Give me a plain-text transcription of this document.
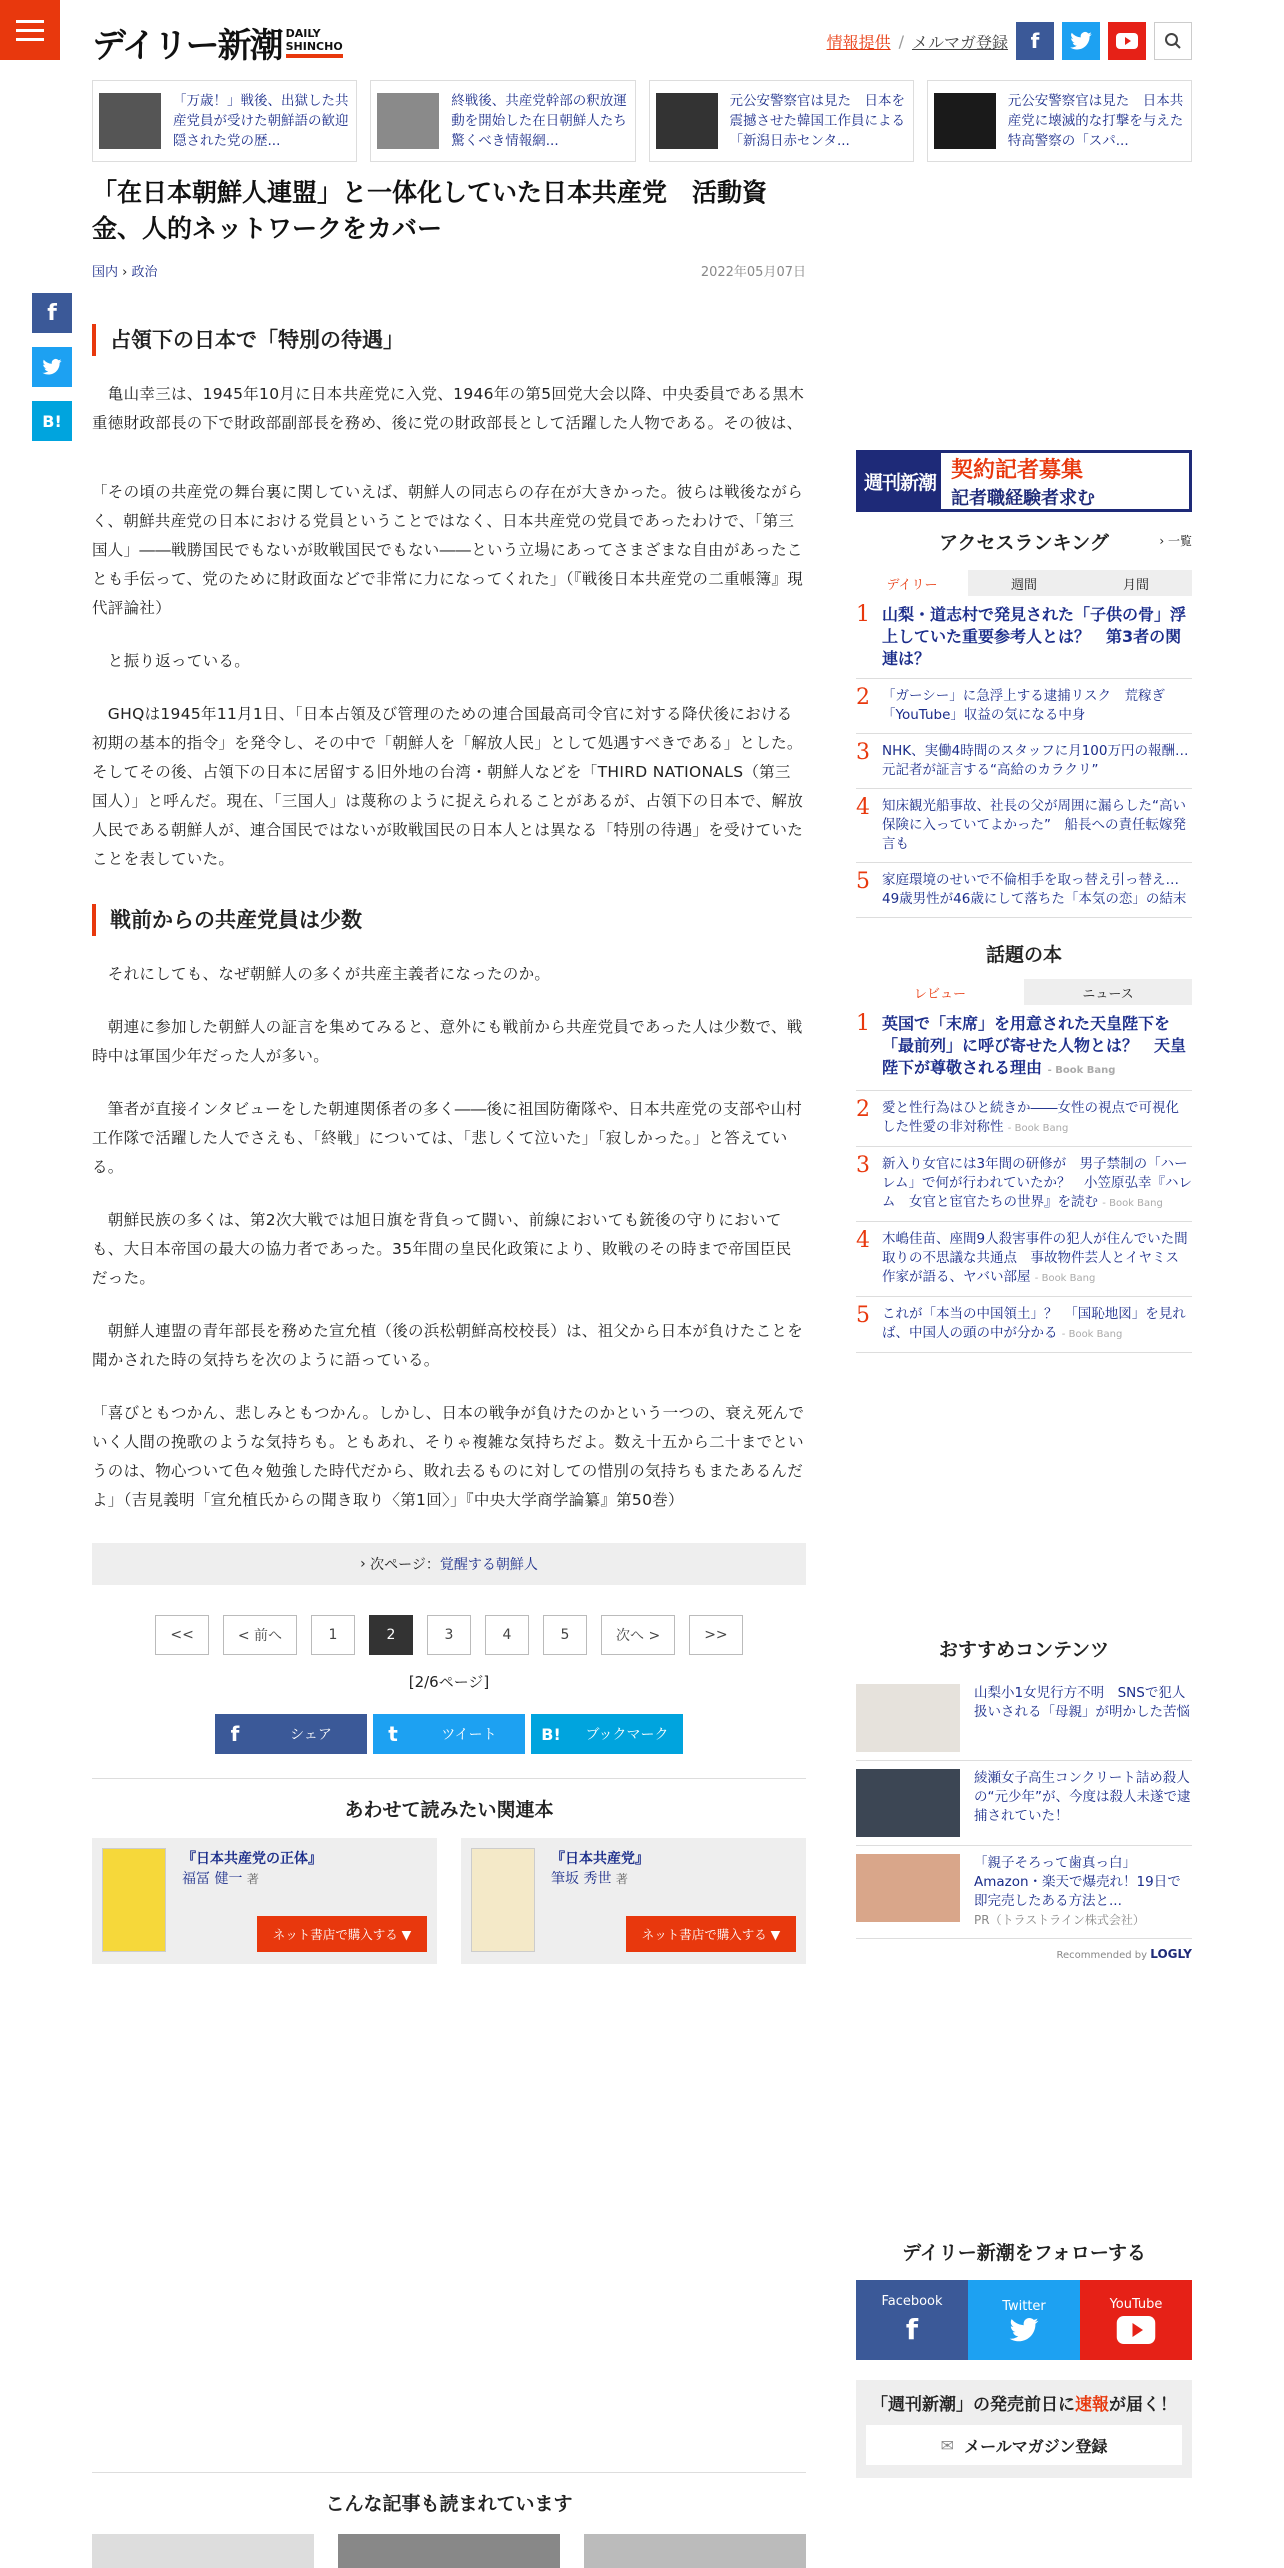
デイリー新潮 DAILY
SHINCHO	情報提供 / メルマガ登録	f
「万歳！」戦後、出獄した共産党員が受けた朝鮮語の歓迎　隠された党の歴...
終戦後、共産党幹部の釈放運動を開始した在日朝鮮人たち　驚くべき情報網...
元公安警察官は見た　日本を震撼させた韓国工作員による「新潟日赤センタ...
元公安警察官は見た　日本共産党に壊滅的な打撃を与えた特高警察の「スパ...
f
B!
「在日本朝鮮人連盟」と一体化していた日本共産党　活動資金、人的ネットワークをカバー
国内 › 政治	2022年05月07日
占領下の日本で「特別の待遇」

　亀山幸三は、1945年10月に日本共産党に入党、1946年の第5回党大会以降、中央委員である黒木重徳財政部長の下で財政部副部長を務め、後に党の財政部長として活躍した人物である。その彼は、

「その頃の共産党の舞台裏に関していえば、朝鮮人の同志らの存在が大きかった。彼らは戦後ながらく、朝鮮共産党の日本における党員ということではなく、日本共産党の党員であったわけで、「第三国人」――戦勝国民でもないが敗戦国民でもない――という立場にあってさまざまな自由があったことも手伝って、党のために財政面などで非常に力になってくれた」（『戦後日本共産党の二重帳簿』現代評論社）

　と振り返っている。

　GHQは1945年11月1日、「日本占領及び管理のための連合国最高司令官に対する降伏後における初期の基本的指令」を発令し、その中で「朝鮮人を「解放人民」として処遇すべきである」とした。そしてその後、占領下の日本に居留する旧外地の台湾・朝鮮人などを「THIRD NATIONALS（第三国人）」と呼んだ。現在、「三国人」は蔑称のように捉えられることがあるが、占領下の日本で、解放人民である朝鮮人が、連合国民ではないが敗戦国民の日本人とは異なる「特別の待遇」を受けていたことを表していた。

戦前からの共産党員は少数

　それにしても、なぜ朝鮮人の多くが共産主義者になったのか。

　朝連に参加した朝鮮人の証言を集めてみると、意外にも戦前から共産党員であった人は少数で、戦時中は軍国少年だった人が多い。

　筆者が直接インタビューをした朝連関係者の多く――後に祖国防衛隊や、日本共産党の支部や山村工作隊で活躍した人でさえも、「終戦」については、「悲しくて泣いた」「寂しかった。」と答えている。

　朝鮮民族の多くは、第2次大戦では旭日旗を背負って闘い、前線においても銃後の守りにおいても、大日本帝国の最大の協力者であった。35年間の皇民化政策により、敗戦のその時まで帝国臣民だった。

　朝鮮人連盟の青年部長を務めた宣允植（後の浜松朝鮮高校校長）は、祖父から日本が負けたことを聞かされた時の気持ちを次のように語っている。

「喜びともつかん、悲しみともつかん。しかし、日本の戦争が負けたのかという一つの、衰え死んでいく人間の挽歌のような気持ちも。ともあれ、そりゃ複雑な気持ちだよ。数え十五から二十までというのは、物心ついて色々勉強した時代だから、敗れ去るものに対しての惜別の気持ちもまたあるんだよ」（吉見義明「宣允植氏からの聞き取り〈第1回〉」『中央大学商学論纂』第50巻）

› 次ページ： 覚醒する朝鮮人
<<	< 前へ	1	2	3	4	5	次へ >	>>
[2/6ページ]
f	シェア	t	ツイート	B!	ブックマーク
あわせて読みたい関連本
『日本共産党の正体』
福冨 健一 著
ネット書店で購入する ▼
『日本共産党』
筆坂 秀世 著
ネット書店で購入する ▼
こんな記事も読まれています
週刊新潮 契約記者募集
記者職経験者求む
アクセスランキング	› 一覧
デイリー	週間	月間
1 山梨・道志村で発見された「子供の骨」浮上していた重要参考人とは？　第3者の関連は？
2 「ガーシー」に急浮上する逮捕リスク　荒稼ぎ「YouTube」収益の気になる中身
3 NHK、実働4時間のスタッフに月100万円の報酬…　元記者が証言する“高給のカラクリ”
4 知床観光船事故、社長の父が周囲に漏らした“高い保険に入っていてよかった”　船長への責任転嫁発言も
5 家庭環境のせいで不倫相手を取っ替え引っ替え…49歳男性が46歳にして落ちた「本気の恋」の結末
話題の本
レビュー	ニュース
1 英国で「末席」を用意された天皇陛下を「最前列」に呼び寄せた人物とは？　天皇陛下が尊敬される理由 - Book Bang
2 愛と性行為はひと続きか――女性の視点で可視化した性愛の非対称性 - Book Bang
3 新入り女官には3年間の研修が　男子禁制の「ハーレム」で何が行われていたか？　小笠原弘幸『ハレム　女官と宦官たちの世界』を読む - Book Bang
4 木嶋佳苗、座間9人殺害事件の犯人が住んでいた間取りの不思議な共通点　事故物件芸人とイヤミス作家が語る、ヤバい部屋 - Book Bang
5 これが「本当の中国領土」？　「国恥地図」を見れば、中国人の頭の中が分かる - Book Bang
おすすめコンテンツ
山梨小1女児行方不明　SNSで犯人扱いされる「母親」が明かした苦悩
綾瀬女子高生コンクリート詰め殺人の“元少年”が、今度は殺人未遂で逮捕されていた！
「親子そろって歯真っ白」Amazon・楽天で爆売れ！19日で即完売したある方法と...
PR（トラストライン株式会社）
Recommended by LOGLY
デイリー新潮をフォローする
Facebook
f
Twitter	YouTube
「週刊新潮」の発売前日に速報が届く！
✉ メールマガジン登録
